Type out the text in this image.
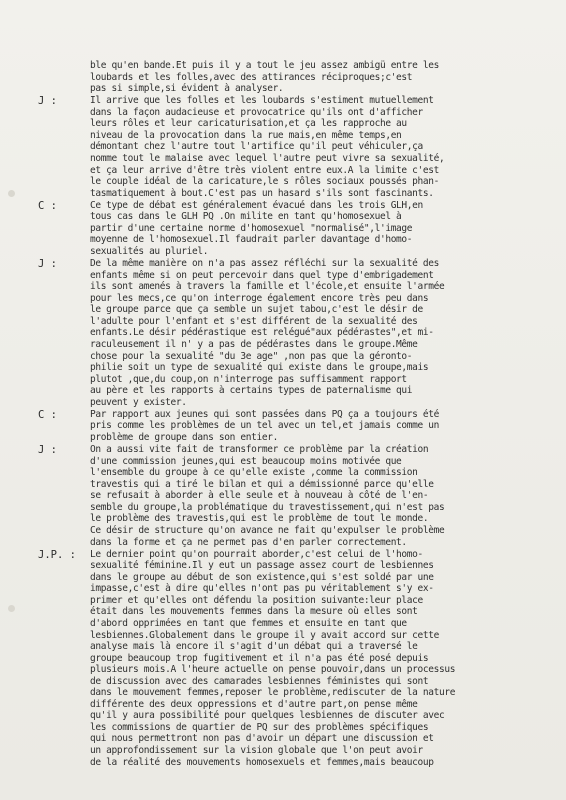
ble qu'en bande.Et puis il y a tout le jeu assez ambigü entre les
loubards et les folles,avec des attirances réciproques;c'est
pas si simple,si évident à analyser.
J :	Il arrive que les folles et les loubards s'estiment mutuellement
dans la façon audacieuse et provocatrice qu'ils ont d'afficher
leurs rôles et leur caricaturisation,et ça les rapproche au
niveau de la provocation dans la rue mais,en même temps,en
démontant chez l'autre tout l'artifice qu'il peut véhiculer,ça
nomme tout le malaise avec lequel l'autre peut vivre sa sexualité,
et ça leur arrive d'être très violent entre eux.A la limite c'est
le couple idéal de la caricature,le s rôles sociaux poussés phan-
tasmatiquement à bout.C'est pas un hasard s'ils sont fascinants.
C :	Ce type de débat est généralement évacué dans les trois GLH,en
tous cas dans le GLH PQ .On milite en tant qu'homosexuel à
partir d'une certaine norme d'homosexuel "normalisé",l'image
moyenne de l'homosexuel.Il faudrait parler davantage d'homo-
sexualités au pluriel.
J :	De la même manière on n'a pas assez réfléchi sur la sexualité des
enfants même si on peut percevoir dans quel type d'embrigadement
ils sont amenés à travers la famille et l'école,et ensuite l'armée
pour les mecs,ce qu'on interroge également encore très peu dans
le groupe parce que ça semble un sujet tabou,c'est le désir de
l'adulte pour l'enfant et s'est différent de la sexualité des
enfants.Le désir pédérastique est relégué"aux pédérastes",et mi-
raculeusement il n' y a pas de pédérastes dans le groupe.Même
chose pour la sexualité "du 3e age" ,non pas que la géronto-
philie soit un type de sexualité qui existe dans le groupe,mais
plutot ,que,du coup,on n'interroge pas suffisamment rapport
au père et les rapports à certains types de paternalisme qui
peuvent y exister.
C :	Par rapport aux jeunes qui sont passées dans PQ ça a toujours été
pris comme les problèmes de un tel avec un tel,et jamais comme un
problème de groupe dans son entier.
J :	On a aussi vite fait de transformer ce problème par la création
d'une commission jeunes,qui est beaucoup moins motivée que
l'ensemble du groupe à ce qu'elle existe ,comme la commission
travestis qui a tiré le bilan et qui a démissionné parce qu'elle
se refusait à aborder à elle seule et à nouveau à côté de l'en-
semble du groupe,la problématique du travestissement,qui n'est pas
le problème des travestis,qui est le problème de tout le monde.
Ce désir de structure qu'on avance ne fait qu'expulser le problème
dans la forme et ça ne permet pas d'en parler correctement.
J.P. : Le dernier point qu'on pourrait aborder,c'est celui de l'homo-
sexualité féminine.Il y eut un passage assez court de lesbiennes
dans le groupe au début de son existence,qui s'est soldé par une
impasse,c'est à dire qu'elles n'ont pas pu véritablement s'y ex-
primer et qu'elles ont défendu la position suivante:leur place
était dans les mouvements femmes dans la mesure où elles sont
d'abord opprimées en tant que femmes et ensuite en tant que
lesbiennes.Globalement dans le groupe il y avait accord sur cette
analyse mais là encore il s'agit d'un débat qui a traversé le
groupe beaucoup trop fugitivement et il n'a pas été posé depuis
plusieurs mois.A l'heure actuelle on pense pouvoir,dans un processus
de discussion avec des camarades lesbiennes féministes qui sont
dans le mouvement femmes,reposer le problème,rediscuter de la nature
différente des deux oppressions et d'autre part,on pense même
qu'il y aura possibilité pour quelques lesbiennes de discuter avec
les commissions de quartier de PQ sur des problèmes spécifiques
qui nous permettront non pas d'avoir un départ une discussion et
un approfondissement sur la vision globale que l'on peut avoir
de la réalité des mouvements homosexuels et femmes,mais beaucoup
